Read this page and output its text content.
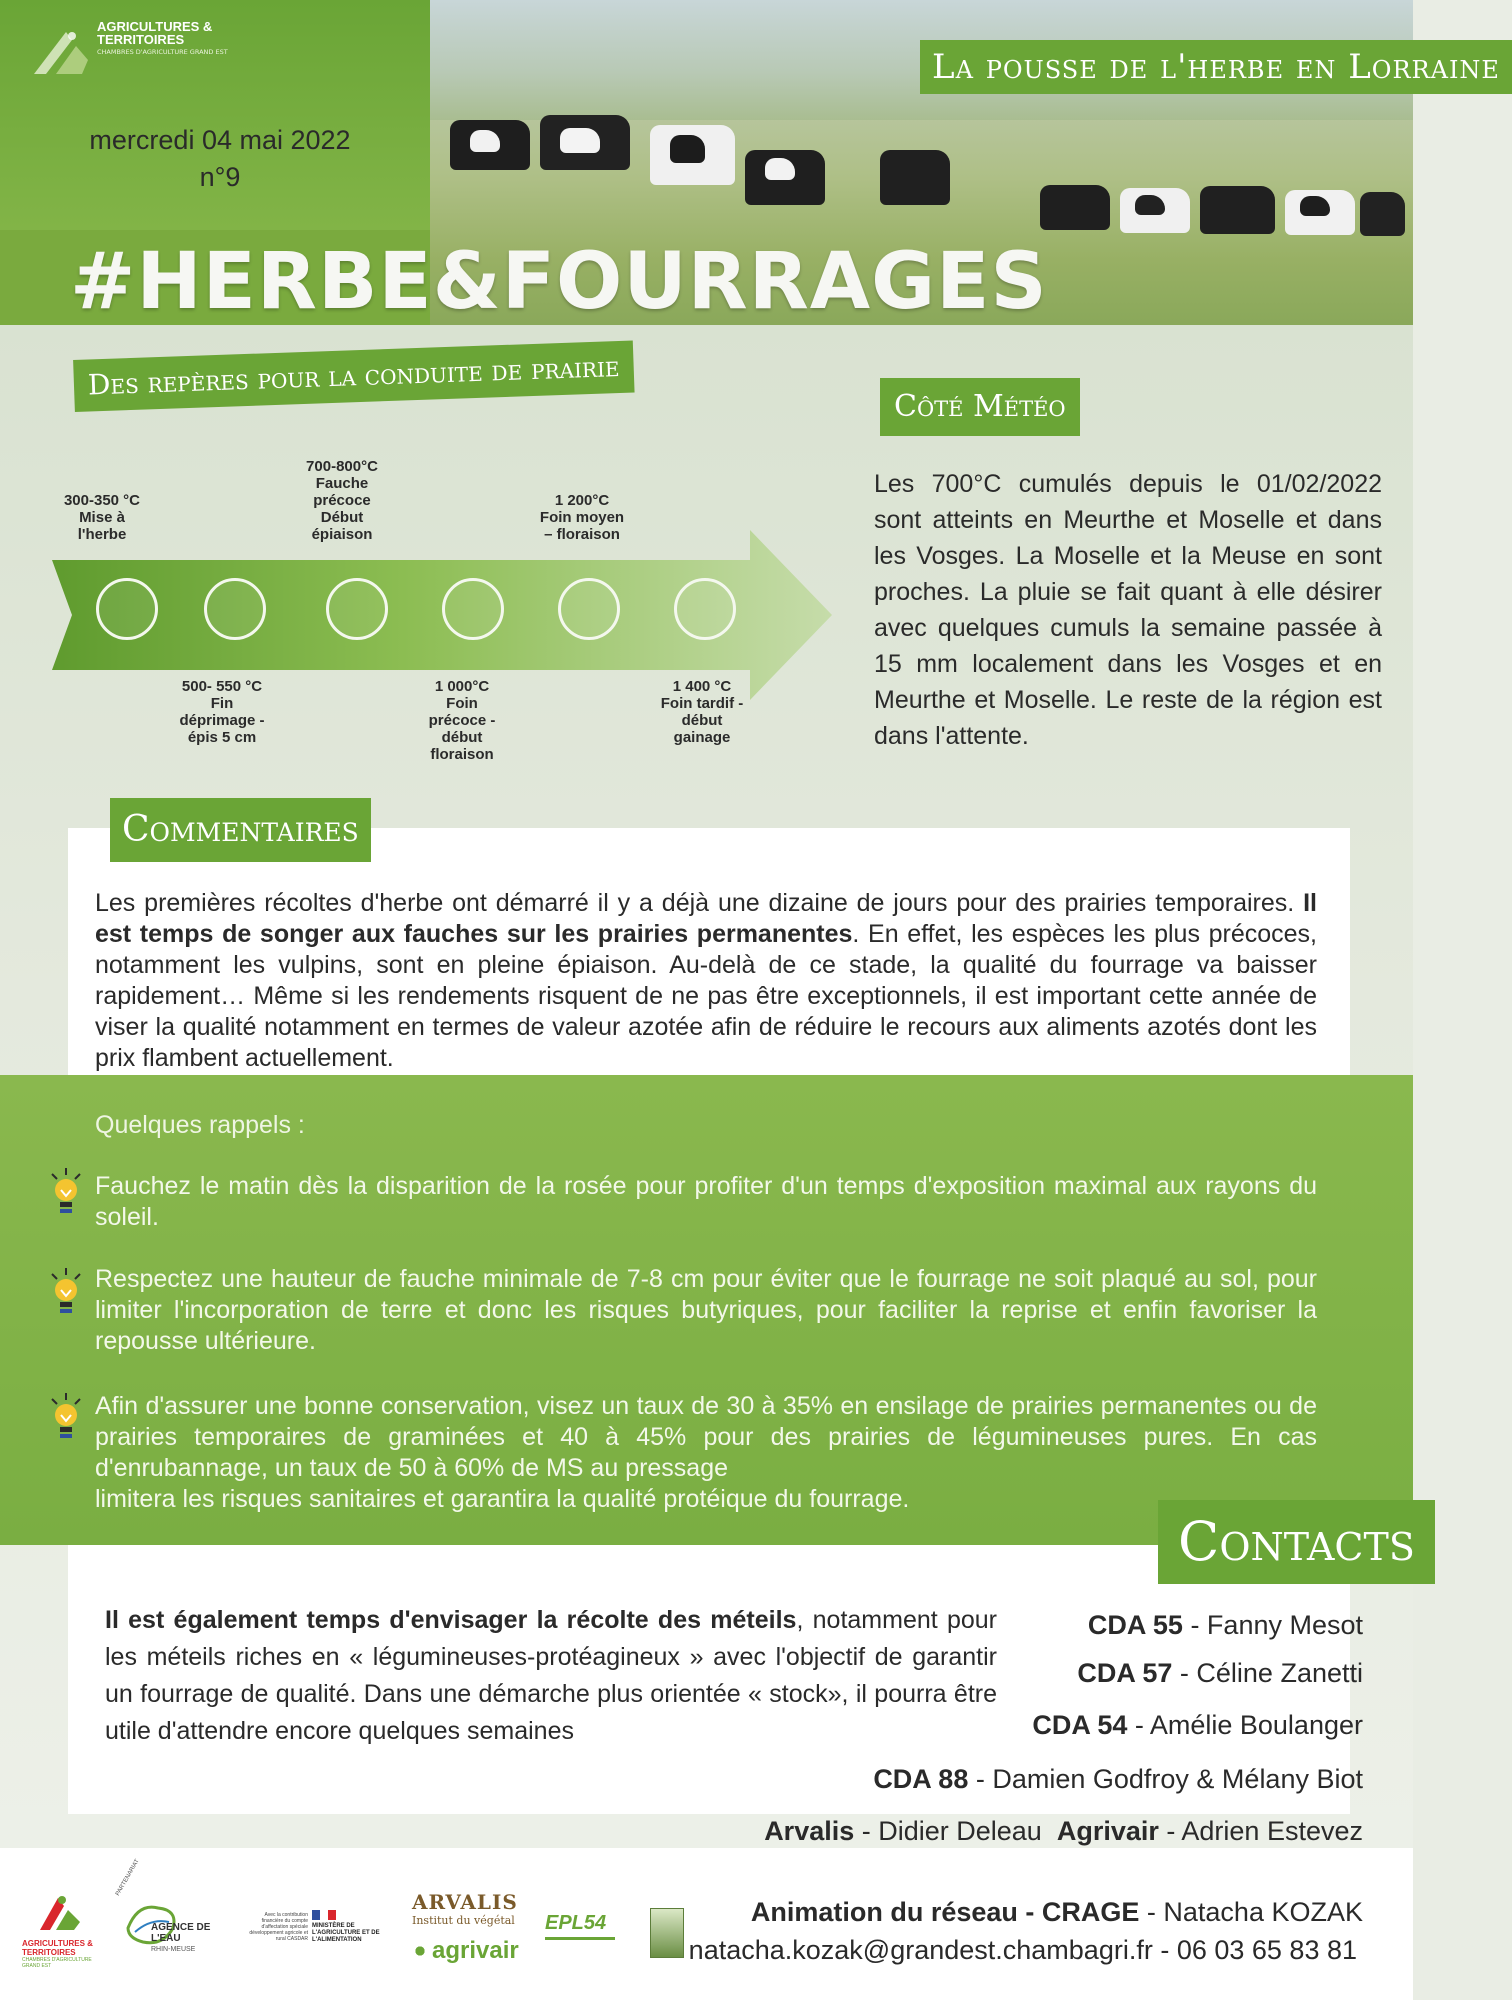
AGRICULTURES & TERRITOIRES
CHAMBRES D'AGRICULTURE GRAND EST
mercredi 04 mai 2022
n°9
La pousse de l'herbe en Lorraine
#HERBE&FOURRAGES
Des repères pour la conduite de prairie
300-350 °C
Mise à
l'herbe
700-800°C
Fauche
précoce
Début
épiaison
1 200°C
Foin moyen
– floraison
500- 550 °C
Fin
déprimage -
épis 5 cm
1 000°C
Foin
précoce -
début
floraison
1 400 °C
Foin tardif -
début
gainage
Côté Météo
Les 700°C cumulés depuis le 01/02/2022 sont atteints en Meurthe et Moselle et dans les Vosges. La Moselle et la Meuse en sont proches. La pluie se fait quant à elle désirer avec quelques cumuls la semaine passée à 15 mm localement dans les Vosges et en Meurthe et Moselle. Le reste de la région est dans l'attente.
Commentaires
Les premières récoltes d'herbe ont démarré il y a déjà une dizaine de jours pour des prairies temporaires. Il est temps de songer aux fauches sur les prairies permanentes. En effet, les espèces les plus précoces, notamment les vulpins, sont en pleine épiaison. Au-delà de ce stade, la qualité du fourrage va baisser rapidement… Même si les rendements risquent de ne pas être exceptionnels, il est important cette année de viser la qualité notamment en termes de valeur azotée afin de réduire le recours aux aliments azotés dont les prix flambent actuellement.
Quelques rappels :
Fauchez le matin dès la disparition de la rosée pour profiter d'un temps d'exposition maximal aux rayons du soleil.
Respectez une hauteur de fauche minimale de 7-8 cm pour éviter que le fourrage ne soit plaqué au sol, pour limiter l'incorporation de terre et donc les risques butyriques, pour faciliter la reprise et enfin favoriser la repousse ultérieure.
Afin d'assurer une bonne conservation, visez un taux de 30 à 35% en ensilage de prairies permanentes ou de prairies temporaires de graminées et 40 à 45% pour des prairies de légumineuses pures. En cas d'enrubannage, un taux de 50 à 60% de MS au pressage
limitera les risques sanitaires et garantira la qualité protéique du fourrage.
Il est également temps d'envisager la récolte des méteils, notamment pour les méteils riches en « légumineuses-protéagineux » avec l'objectif de garantir un fourrage de qualité. Dans une démarche plus orientée « stock», il pourra être utile d'attendre encore quelques semaines
Contacts
CDA 55 - Fanny Mesot
CDA 57 - Céline Zanetti
CDA 54 - Amélie Boulanger
CDA 88 - Damien Godfroy & Mélany Biot
Arvalis - Didier Deleau Agrivair - Adrien Estevez
Animation du réseau - CRAGE - Natacha KOZAK
natacha.kozak@grandest.chambagri.fr - 06 03 65 83 81
AGRICULTURES & TERRITOIRES
CHAMBRES D'AGRICULTURE GRAND EST
PARTENARIAT
AGENCE DE L'EAU
RHIN-MEUSE
Avec la contribution financière du compte d'affectation spéciale développement agricole et rural CASDAR
MINISTÈRE DE L'AGRICULTURE ET DE L'ALIMENTATION
ARVALIS
Institut du végétal
agrivair
EPL54
